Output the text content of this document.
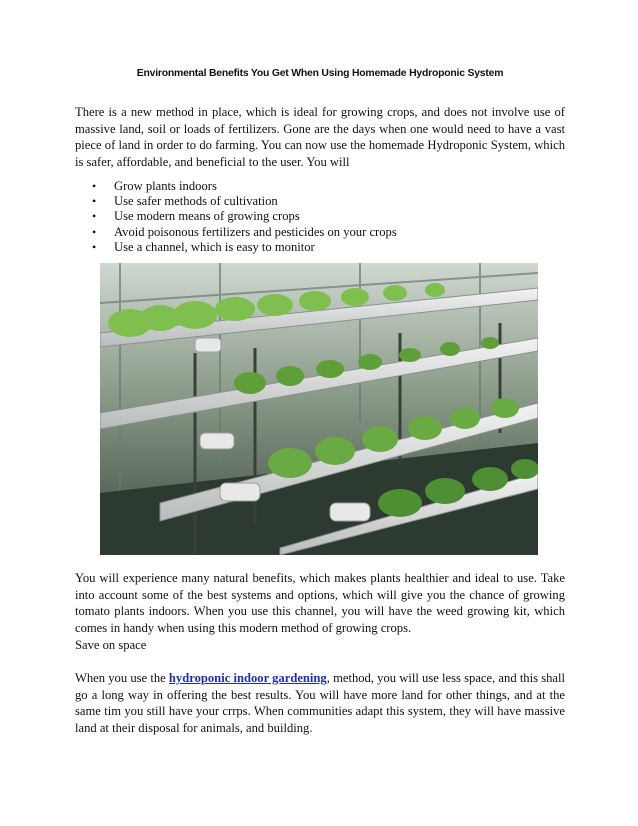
Environmental Benefits You Get When Using Homemade Hydroponic System
There is a new method in place, which is ideal for growing crops, and does not involve use of massive land, soil or loads of fertilizers. Gone are the days when one would need to have a vast piece of land in order to do farming. You can now use the homemade Hydroponic System, which is safer, affordable, and beneficial to the user. You will
• Grow plants indoors
• Use safer methods of cultivation
• Use modern means of growing crops
• Avoid poisonous fertilizers and pesticides on your crops
• Use a channel, which is easy to monitor
You will experience many natural benefits, which makes plants healthier and ideal to use. Take into account some of the best systems and options, which will give you the chance of growing tomato plants indoors. When you use this channel, you will have the weed growing kit, which comes in handy when using this modern method of growing crops.
Save on space
When you use the hydroponic indoor gardening, method, you will use less space, and this shall go a long way in offering the best results. You will have more land for other things, and at the same tim you still have your crrps. When communities adapt this system, they will have massive land at their disposal for animals, and building.
